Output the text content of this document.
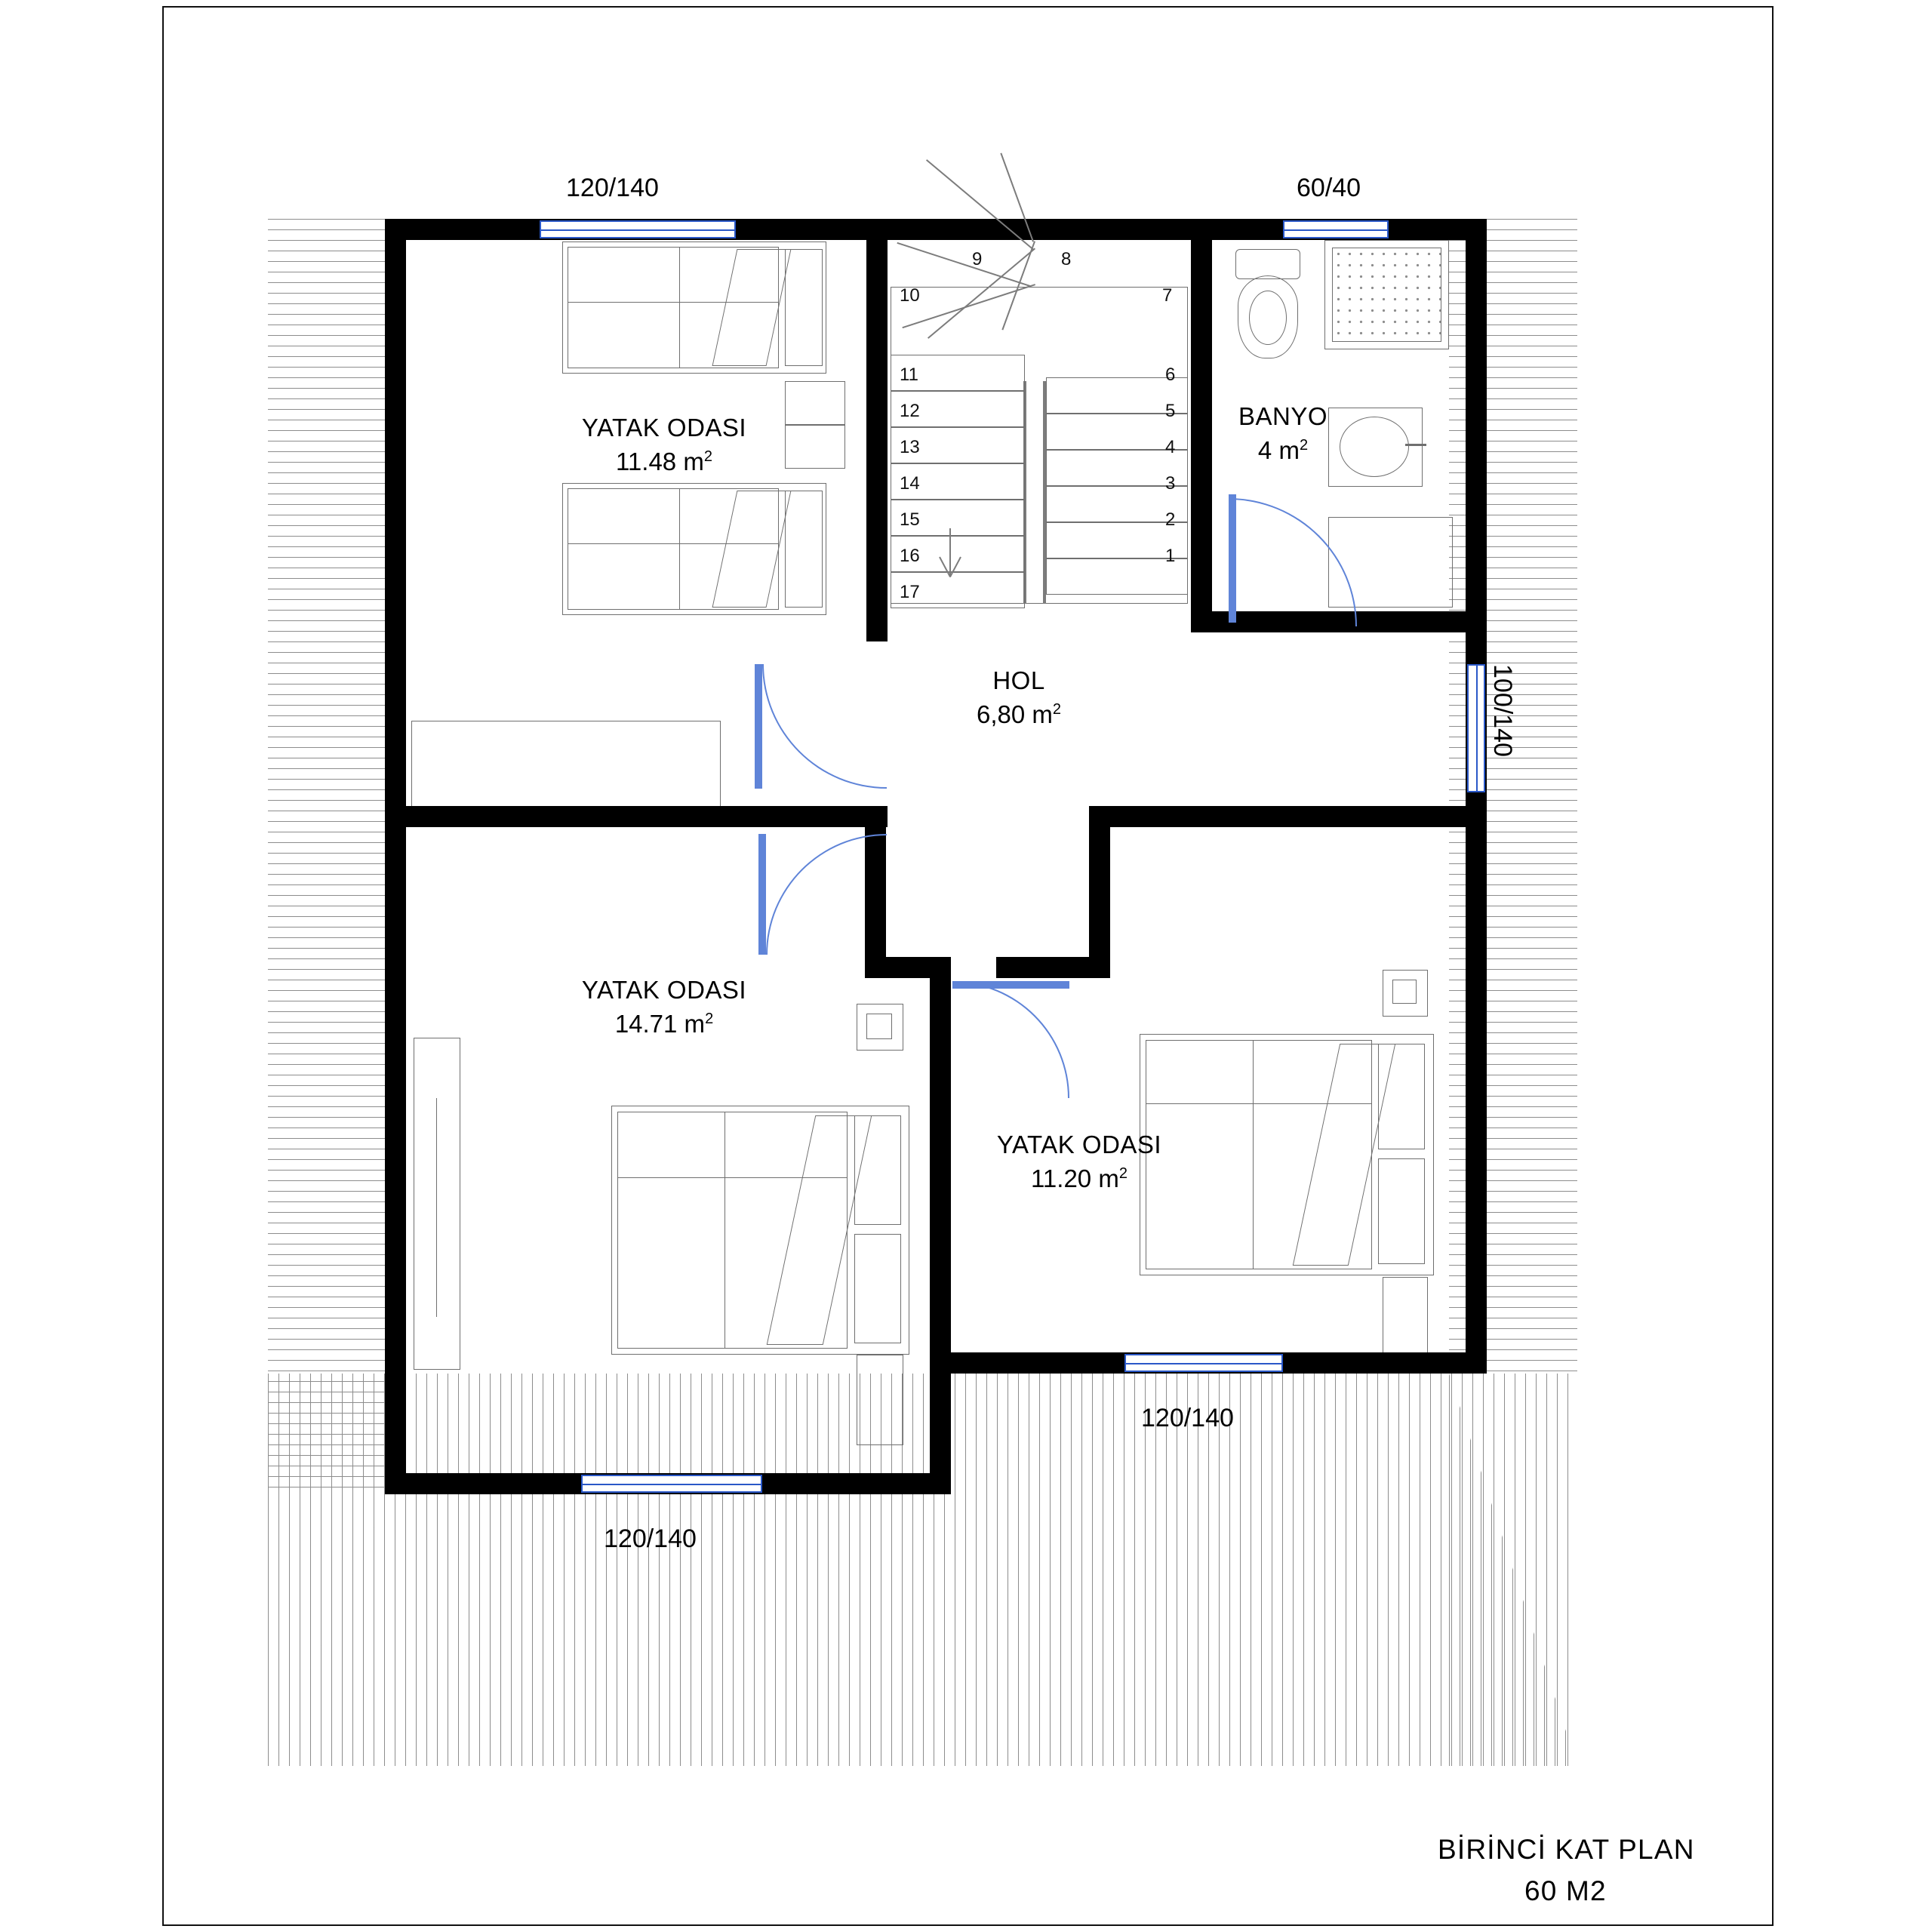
120/140	60/40
100/140
120/140
120/140
9	8
10	7
11	6
12	5
13	4
14	3
15	2
16	1
17
YATAK ODASI
11.48 $m^2$
BANYO
4 $m^2$
HOL
6,80 $m^2$
YATAK ODASI
14.71 $m^2$
YATAK ODASI
11.20 $m^2$
BİRİNCİ KAT PLAN
60 M2
